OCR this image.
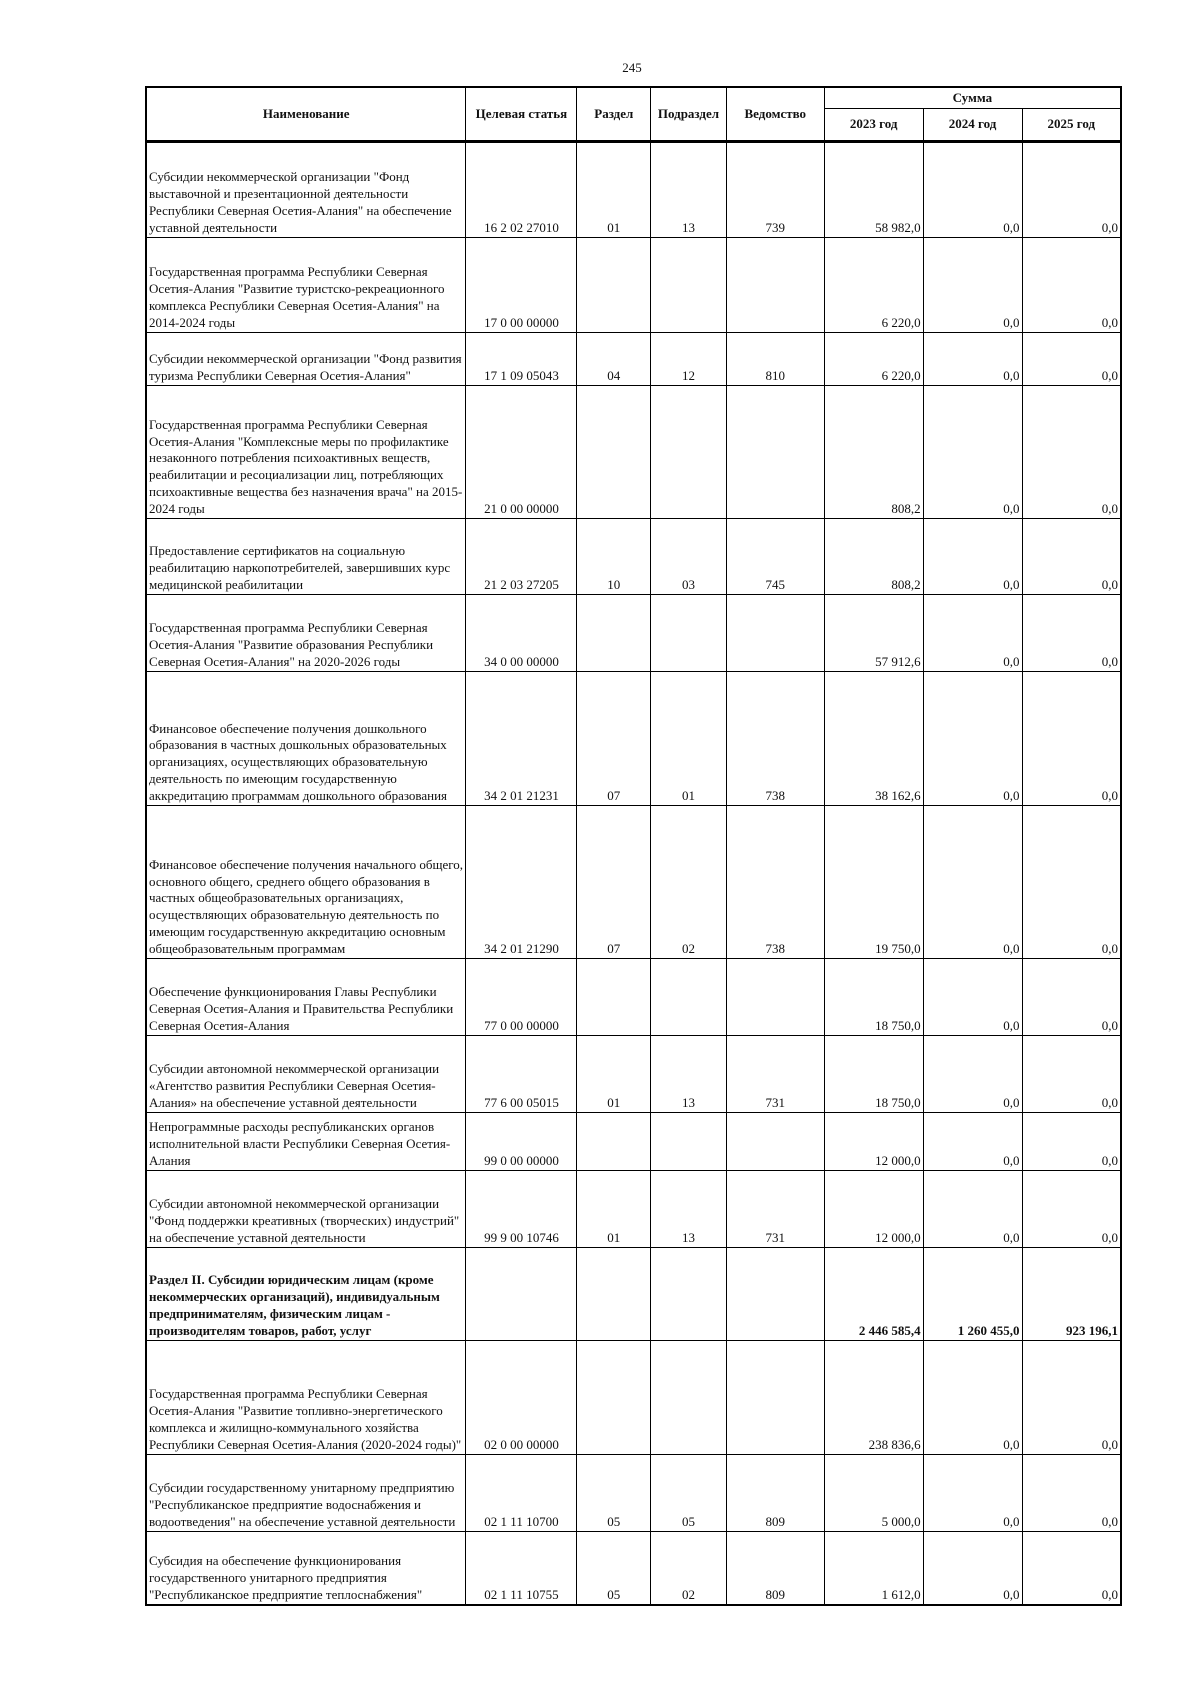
245
Наименование	Целевая статья	Раздел	Подраздел	Ведомство	Сумма		
					2023 год	2024 год	2025 год
Субсидии некоммерческой организации "Фонд выставочной и презентационной деятельности Республики Северная Осетия-Алания" на обеспечение уставной деятельности	16 2 02 27010	01	13	739	58 982,0	0,0	0,0
Государственная программа Республики Северная Осетия-Алания "Развитие туристско-рекреационного комплекса Республики Северная Осетия-Алания" на 2014-2024 годы	17 0 00 00000				6 220,0	0,0	0,0
Субсидии некоммерческой организации "Фонд развития туризма Республики Северная Осетия-Алания"	17 1 09 05043	04	12	810	6 220,0	0,0	0,0
Государственная программа Республики Северная Осетия-Алания "Комплексные меры по профилактике незаконного потребления психоактивных веществ, реабилитации и ресоциализации лиц, потребляющих психоактивные вещества без назначения врача" на 2015-2024 годы	21 0 00 00000				808,2	0,0	0,0
Предоставление сертификатов на социальную реабилитацию наркопотребителей, завершивших курс медицинской реабилитации	21 2 03 27205	10	03	745	808,2	0,0	0,0
Государственная программа Республики Северная Осетия-Алания "Развитие образования Республики Северная Осетия-Алания" на 2020-2026 годы	34 0 00 00000				57 912,6	0,0	0,0
Финансовое обеспечение получения дошкольного образования в частных дошкольных образовательных организациях, осуществляющих образовательную деятельность по имеющим государственную аккредитацию программам дошкольного образования	34 2 01 21231	07	01	738	38 162,6	0,0	0,0
Финансовое обеспечение получения начального общего, основного общего, среднего общего образования в частных общеобразовательных организациях, осуществляющих образовательную деятельность по имеющим государственную аккредитацию основным общеобразовательным программам	34 2 01 21290	07	02	738	19 750,0	0,0	0,0
Обеспечение функционирования Главы Республики Северная Осетия-Алания и Правительства Республики Северная Осетия-Алания	77 0 00 00000				18 750,0	0,0	0,0
Субсидии автономной некоммерческой организации «Агентство развития Республики Северная Осетия-Алания» на обеспечение уставной деятельности	77 6 00 05015	01	13	731	18 750,0	0,0	0,0
Непрограммные расходы республиканских органов исполнительной власти Республики Северная Осетия-Алания	99 0 00 00000				12 000,0	0,0	0,0
Субсидии автономной некоммерческой организации "Фонд поддержки креативных (творческих) индустрий" на обеспечение уставной деятельности	99 9 00 10746	01	13	731	12 000,0	0,0	0,0
Раздел II. Субсидии юридическим лицам (кроме некоммерческих организаций), индивидуальным предпринимателям, физическим лицам - производителям товаров, работ, услуг					2 446 585,4	1 260 455,0	923 196,1
Государственная программа Республики Северная Осетия-Алания "Развитие топливно-энергетического комплекса и жилищно-коммунального хозяйства Республики Северная Осетия-Алания (2020-2024 годы)"	02 0 00 00000				238 836,6	0,0	0,0
Субсидии государственному унитарному предприятию "Республиканское предприятие водоснабжения и водоотведения" на обеспечение уставной деятельности	02 1 11 10700	05	05	809	5 000,0	0,0	0,0
Субсидия на обеспечение функционирования государственного унитарного предприятия "Республиканское предприятие теплоснабжения"	02 1 11 10755	05	02	809	1 612,0	0,0	0,0
